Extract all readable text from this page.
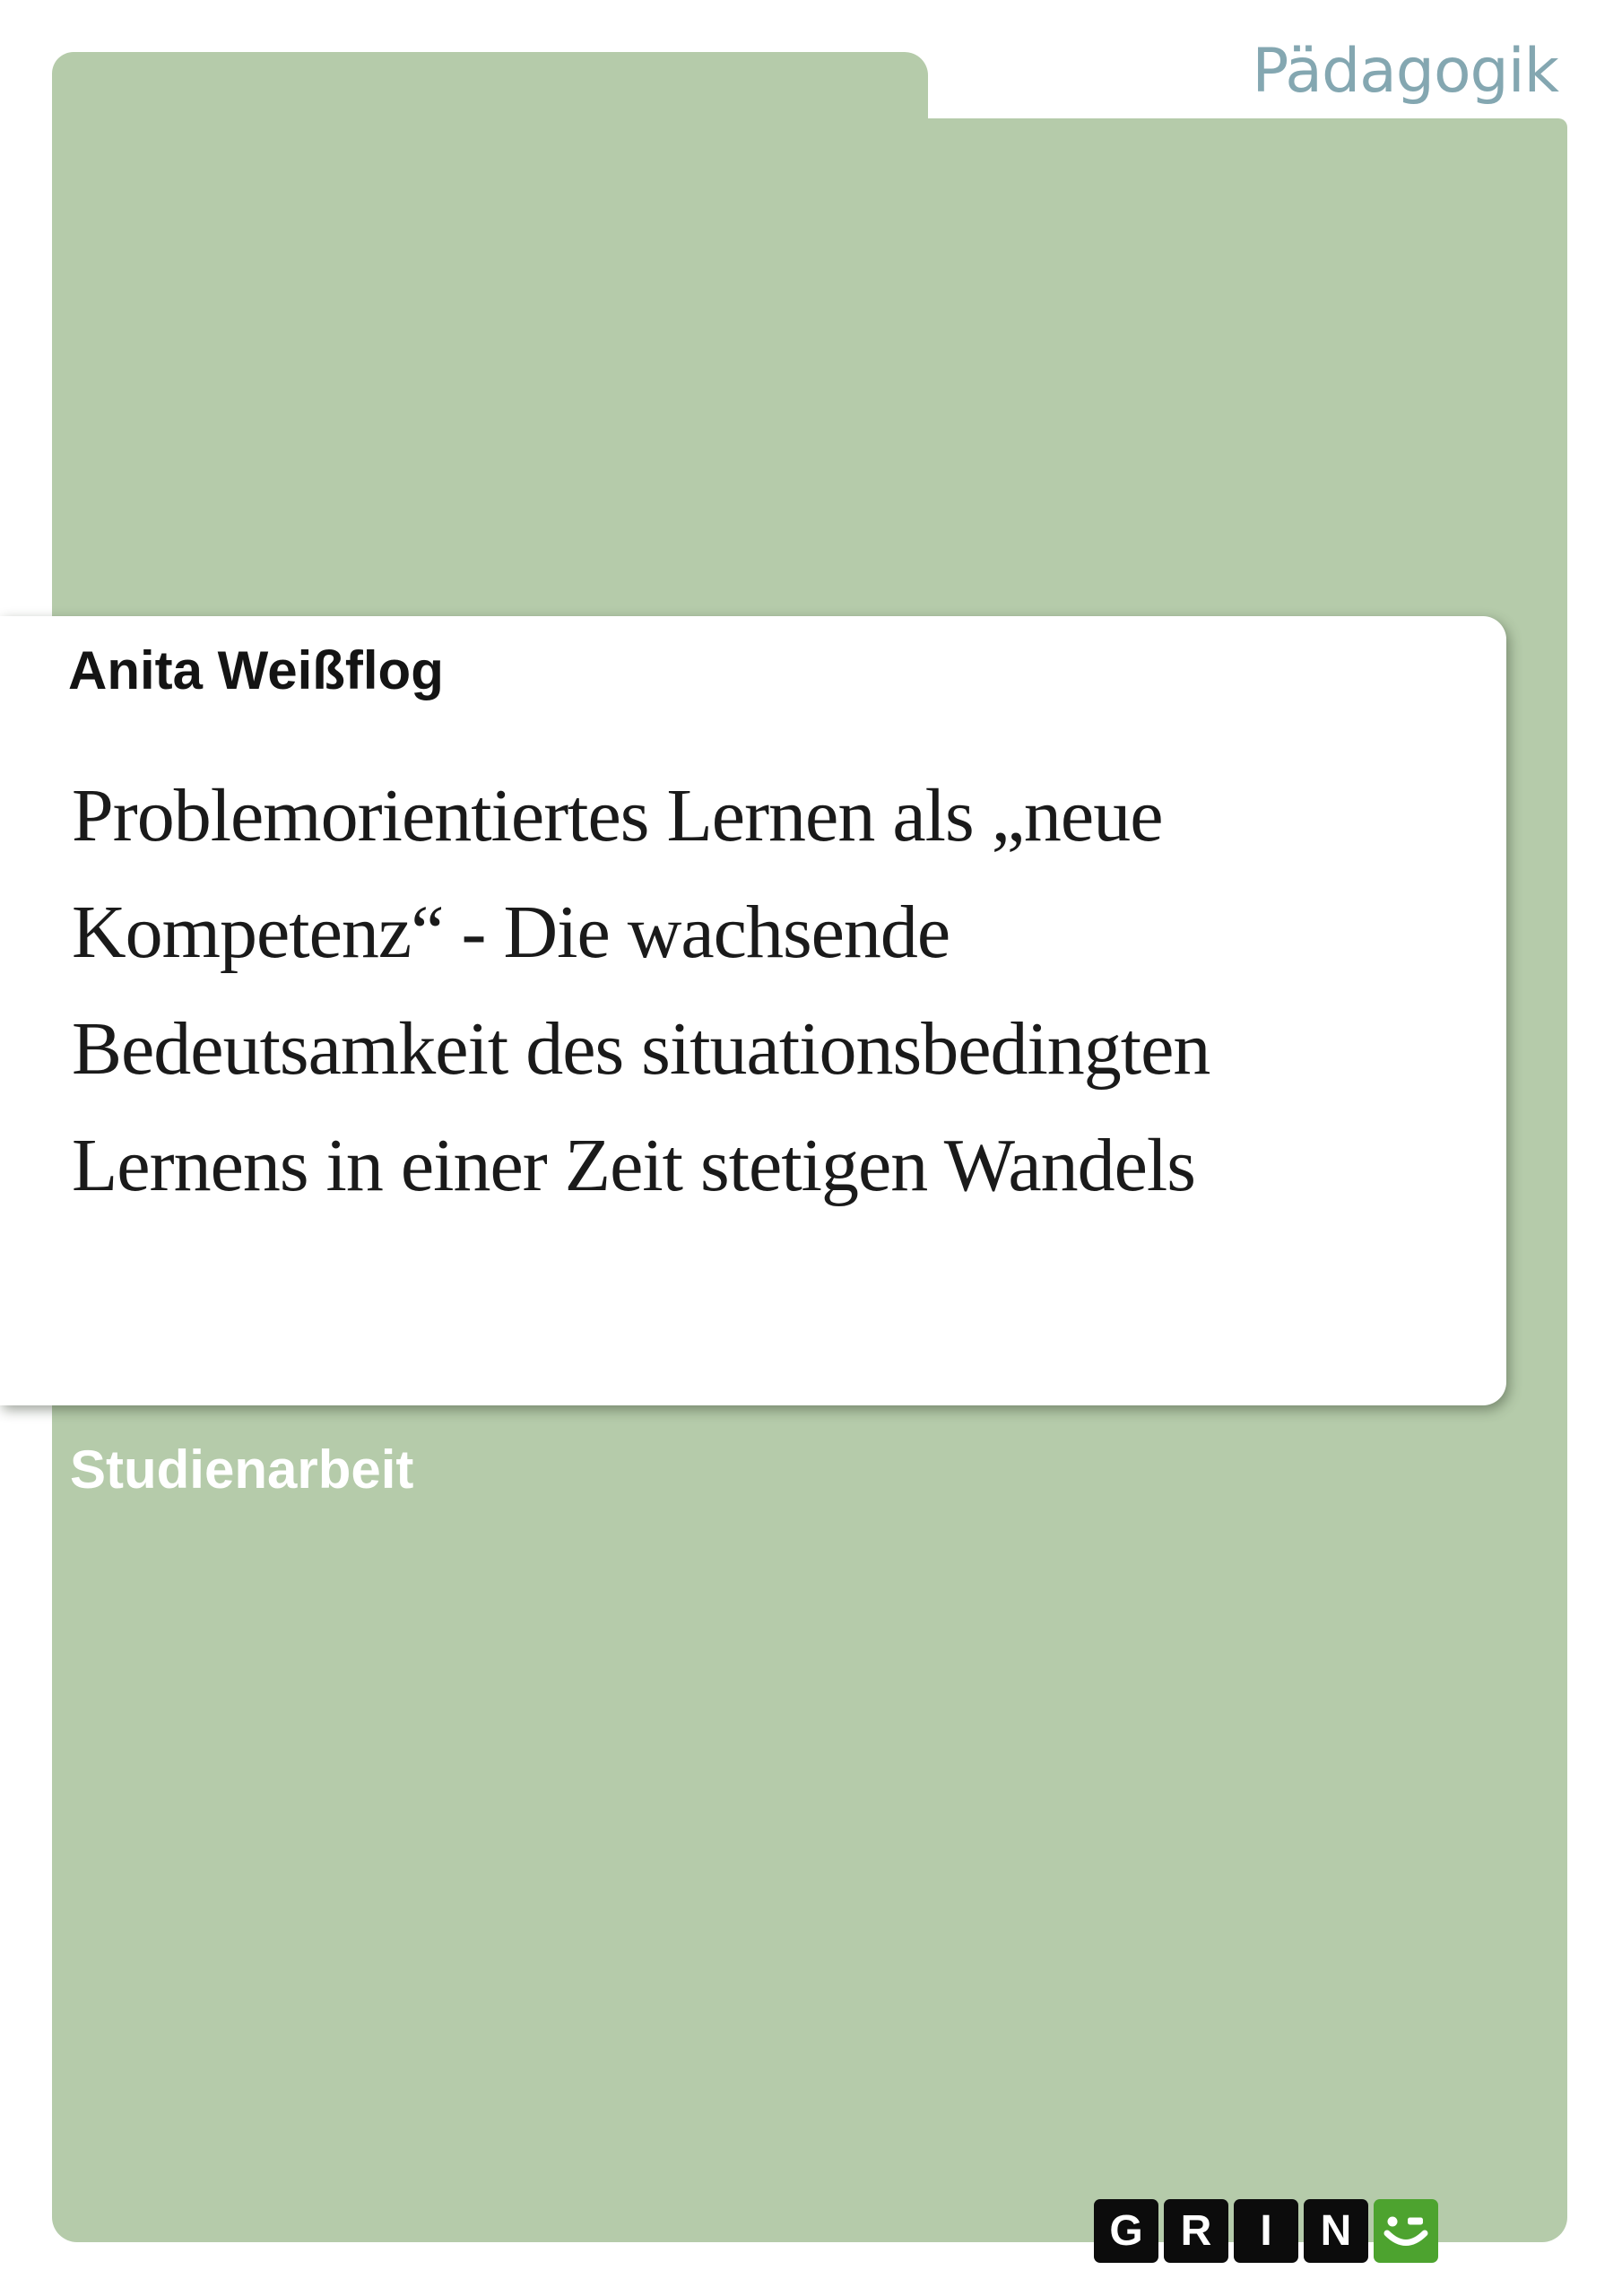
Pädagogik
Anita Weißflog
Problemorientiertes Lernen als „neue
Kompetenz“ - Die wachsende
Bedeutsamkeit des situationsbedingten
Lernens in einer Zeit stetigen Wandels
Studienarbeit
G R	I	N
